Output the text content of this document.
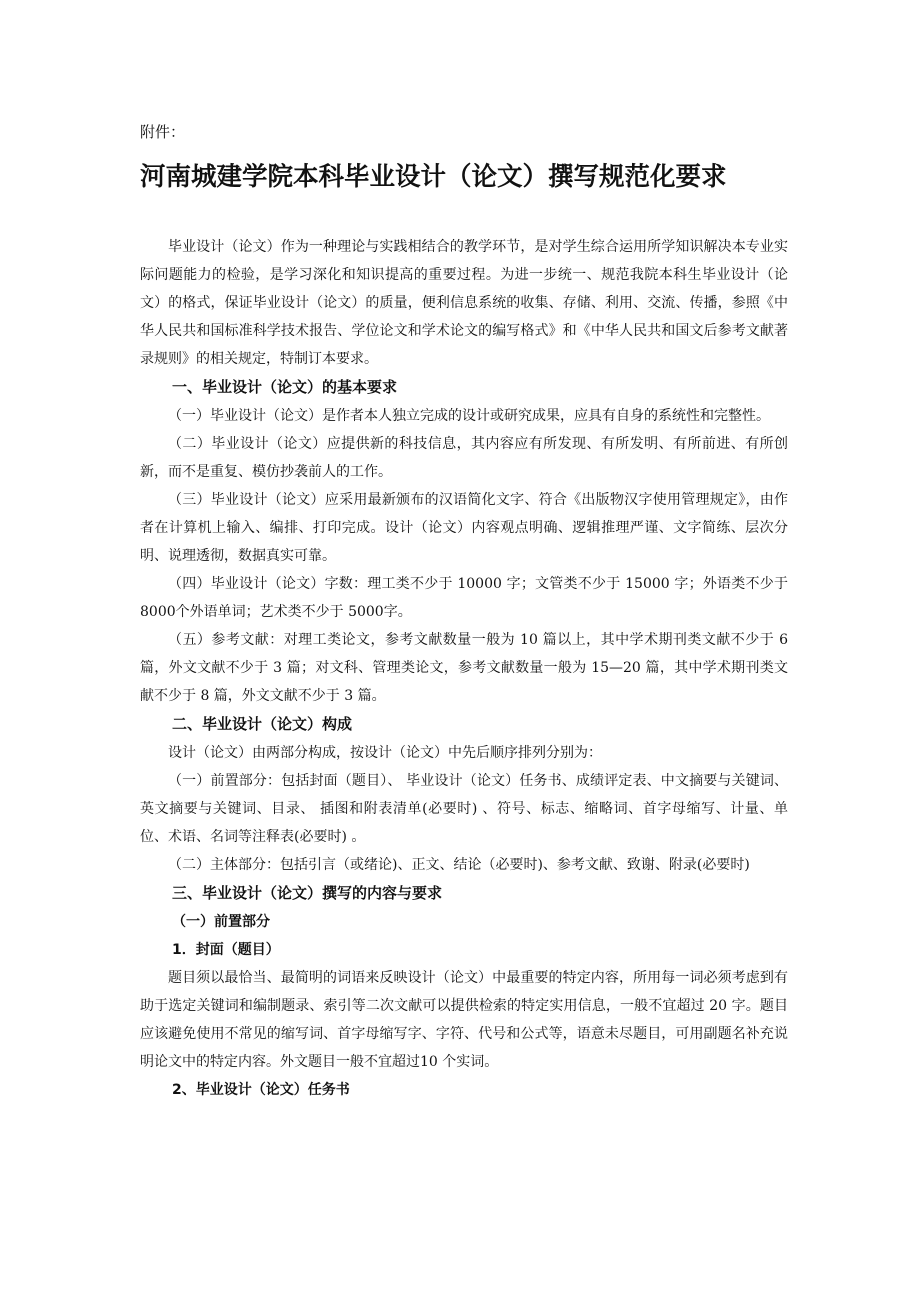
附件：

河南城建学院本科毕业设计（论文）撰写规范化要求

毕业设计（论文）作为一种理论与实践相结合的教学环节，是对学生综合运用所学知识解决本专业实际问题能力的检验，是学习深化和知识提高的重要过程。为进一步统一、规范我院本科生毕业设计（论文）的格式，保证毕业设计（论文）的质量，便利信息系统的收集、存储、利用、交流、传播，参照《中华人民共和国标准科学技术报告、学位论文和学术论文的编写格式》和《中华人民共和国文后参考文献著录规则》的相关规定，特制订本要求。

一、毕业设计（论文）的基本要求

（一）毕业设计（论文）是作者本人独立完成的设计或研究成果，应具有自身的系统性和完整性。

（二）毕业设计（论文）应提供新的科技信息，其内容应有所发现、有所发明、有所前进、有所创新，而不是重复、模仿抄袭前人的工作。

（三）毕业设计（论文）应采用最新颁布的汉语简化文字、符合《出版物汉字使用管理规定》，由作者在计算机上输入、编排、打印完成。设计（论文）内容观点明确、逻辑推理严谨、文字简练、层次分明、说理透彻，数据真实可靠。

（四）毕业设计（论文）字数：理工类不少于 10000 字；文管类不少于 15000 字；外语类不少于 8000个外语单词；艺术类不少于 5000字。

（五）参考文献：对理工类论文，参考文献数量一般为 10 篇以上，其中学术期刊类文献不少于 6 篇，外文文献不少于 3 篇；对文科、管理类论文，参考文献数量一般为 15—20 篇，其中学术期刊类文献不少于 8 篇，外文文献不少于 3 篇。

二、毕业设计（论文）构成

设计（论文）由两部分构成，按设计（论文）中先后顺序排列分别为：

（一）前置部分：包括封面（题目）、 毕业设计（论文）任务书、成绩评定表、中文摘要与关键词、英文摘要与关键词、目录、 插图和附表清单(必要时) 、符号、标志、缩略词、首字母缩写、计量、单位、术语、名词等注释表(必要时) 。

（二）主体部分：包括引言（或绪论)、正文、结论（必要时)、参考文献、致谢、附录(必要时)

三、毕业设计（论文）撰写的内容与要求

（一）前置部分

1．封面（题目）

题目须以最恰当、最简明的词语来反映设计（论文）中最重要的特定内容，所用每一词必须考虑到有助于选定关键词和编制题录、索引等二次文献可以提供检索的特定实用信息，一般不宜超过 20 字。题目应该避免使用不常见的缩写词、首字母缩写字、字符、代号和公式等，语意未尽题目，可用副题名补充说明论文中的特定内容。外文题目一般不宜超过10 个实词。

2、毕业设计（论文）任务书
